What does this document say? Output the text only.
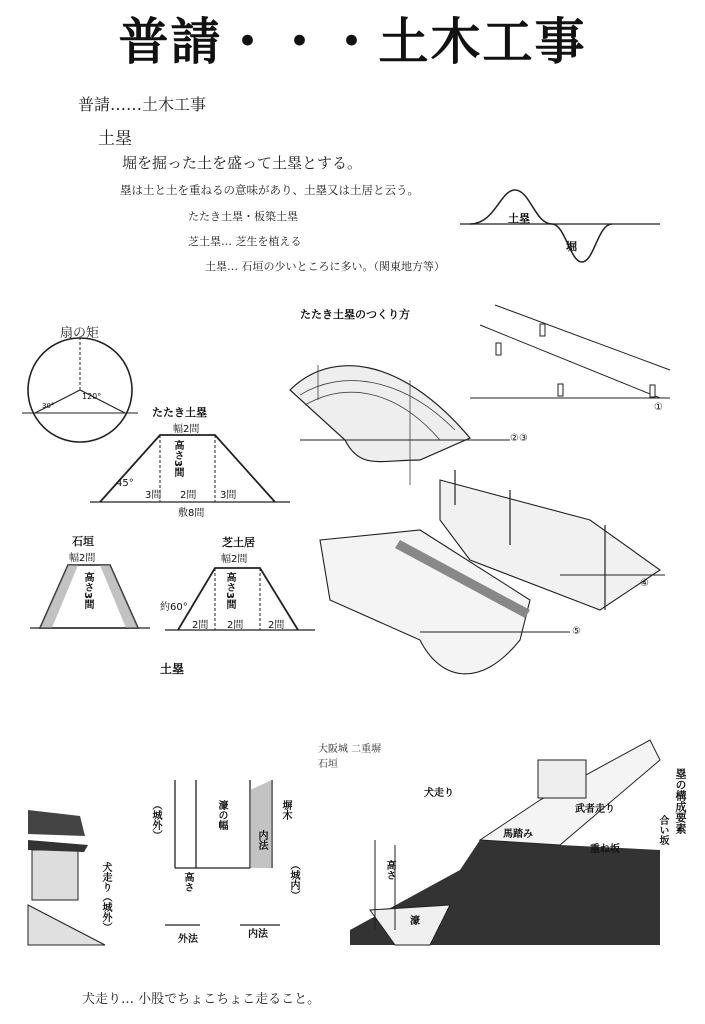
普請・・・土木工事
普請……土木工事
土塁
堀を掘った土を盛って土塁とする。
塁は土と土を重ねるの意味があり、土塁又は土居と云う。
たたき土塁・板築土塁
芝土塁… 芝生を植える
土塁… 石垣の少いところに多い。（関東地方等）
土塁
堀
扇の矩
120°
30°	たたき土塁
幅2間
高さ3間
45°
3間 2間 3間
敷8間
石垣
幅2間
高さ3間
芝土居
幅2間
高さ3間
約60°
2間 2間 2間
土塁
たたき土塁のつくり方
①
②③
④
⑤
犬走り（城外）
（城外）
（城内）
濠の幅	塀木
高さ
内法
外法	内法
大阪城 二重塀 石垣
塁の構成要素
犬走り
馬踏み
武者走り
合い坂
重ね坂
高さ
濠
犬走り… 小股でちょこちょこ走ること。
